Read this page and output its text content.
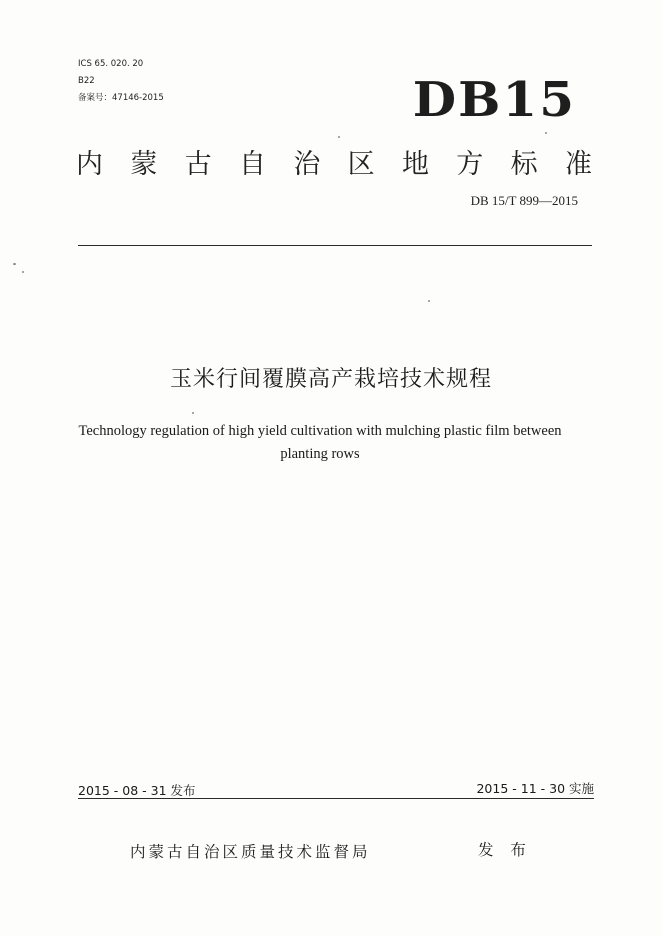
ICS 65. 020. 20
B22
备案号：47146-2015	DB15
内 蒙 古 自 治 区 地 方 标 准
DB 15/T 899—2015
玉米行间覆膜高产栽培技术规程
Technology regulation of high yield cultivation with mulching plastic film between
planting rows
2015 - 08 - 31 发布	2015 - 11 - 30 实施
内蒙古自治区质量技术监督局	发 布
